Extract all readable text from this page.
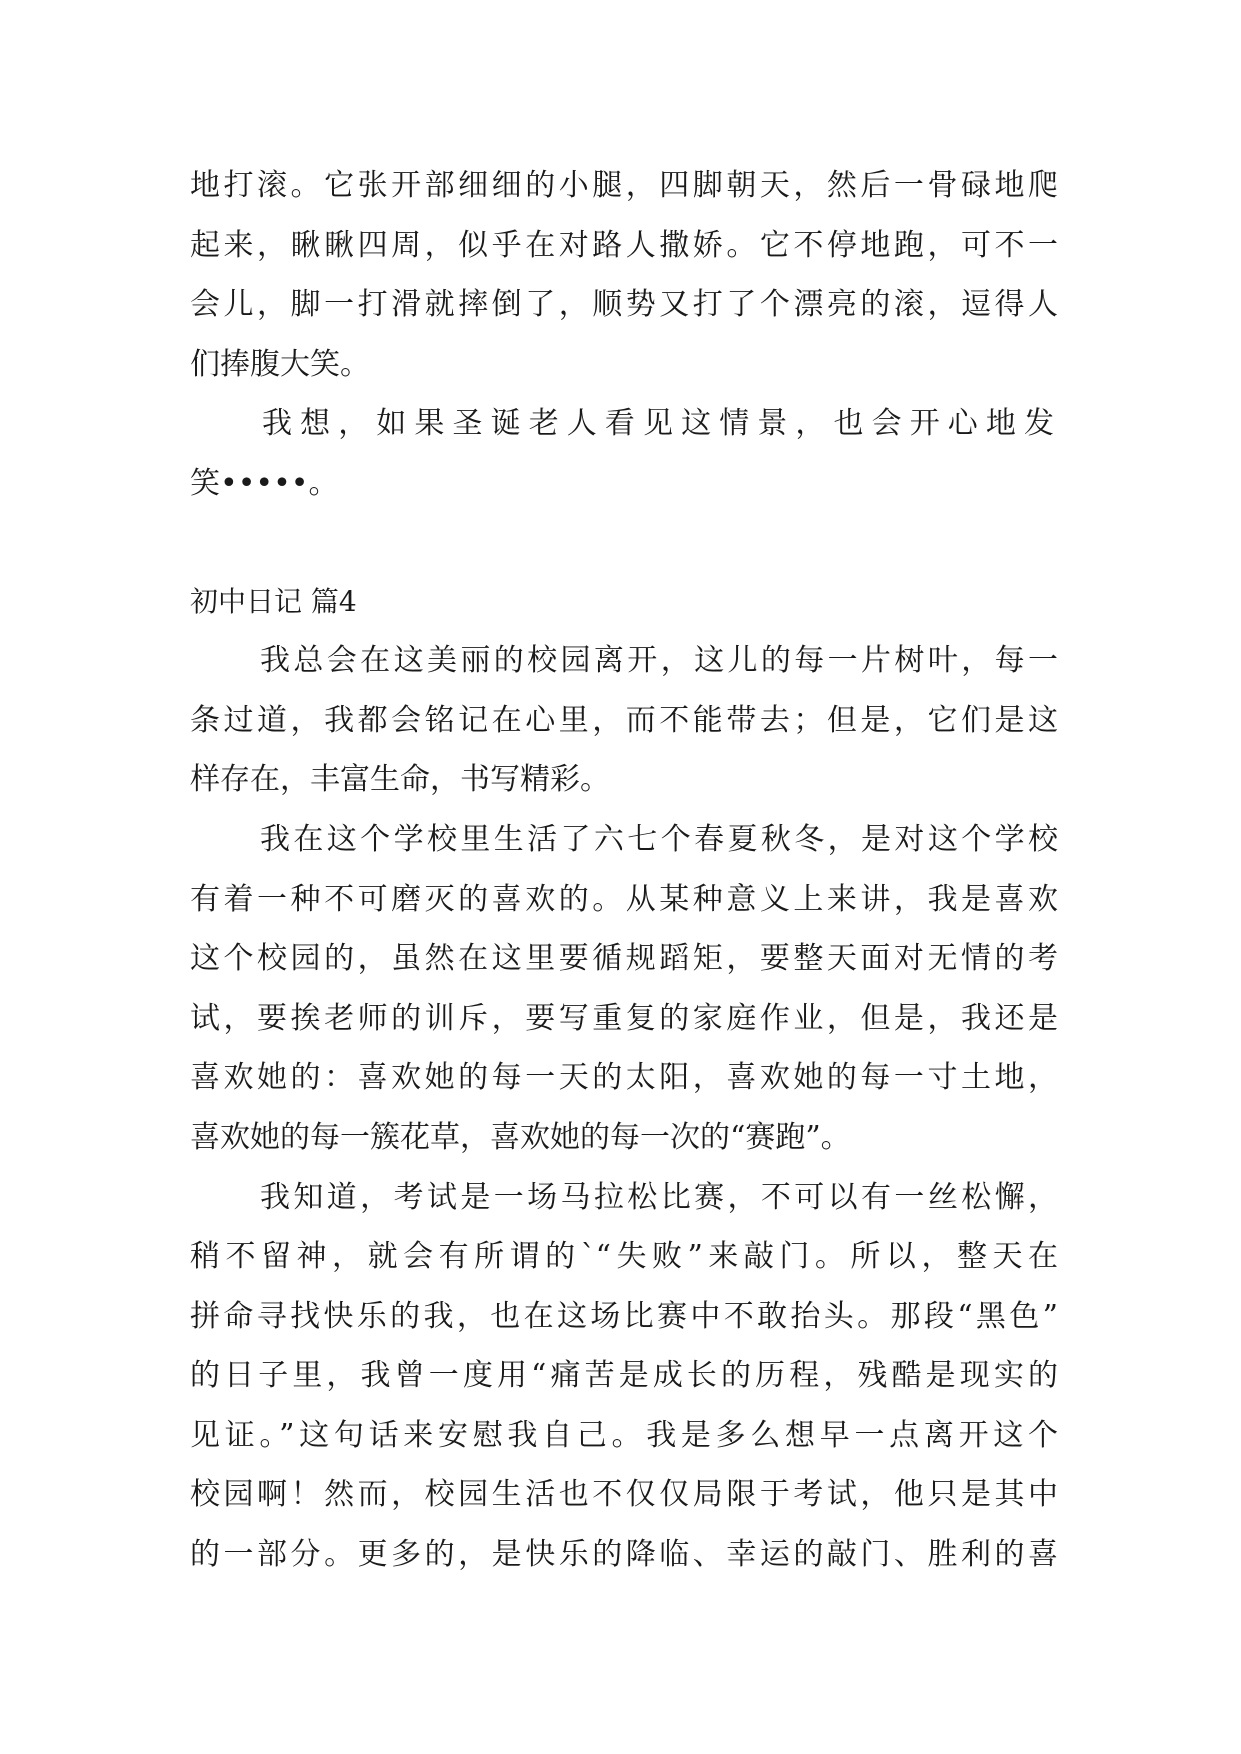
地打滚。它张开部细细的小腿，四脚朝天，然后一骨碌地爬
起来，瞅瞅四周，似乎在对路人撒娇。它不停地跑，可不一
会儿，脚一打滑就摔倒了，顺势又打了个漂亮的滚，逗得人
们捧腹大笑。
我想，如果圣诞老人看见这情景，也会开心地发
笑•••••。
初中日记 篇4
我总会在这美丽的校园离开，这儿的每一片树叶，每一
条过道，我都会铭记在心里，而不能带去；但是，它们是这
样存在，丰富生命，书写精彩。
我在这个学校里生活了六七个春夏秋冬，是对这个学校
有着一种不可磨灭的喜欢的。从某种意义上来讲，我是喜欢
这个校园的，虽然在这里要循规蹈矩，要整天面对无情的考
试，要挨老师的训斥，要写重复的家庭作业，但是，我还是
喜欢她的：喜欢她的每一天的太阳，喜欢她的每一寸土地，
喜欢她的每一簇花草，喜欢她的每一次的“赛跑”。
我知道，考试是一场马拉松比赛，不可以有一丝松懈，
稍不留神，就会有所谓的`“失败”来敲门。所以，整天在
拼命寻找快乐的我，也在这场比赛中不敢抬头。那段“黑色”
的日子里，我曾一度用“痛苦是成长的历程，残酷是现实的
见证。”这句话来安慰我自己。我是多么想早一点离开这个
校园啊！然而，校园生活也不仅仅局限于考试，他只是其中
的一部分。更多的，是快乐的降临、幸运的敲门、胜利的喜
